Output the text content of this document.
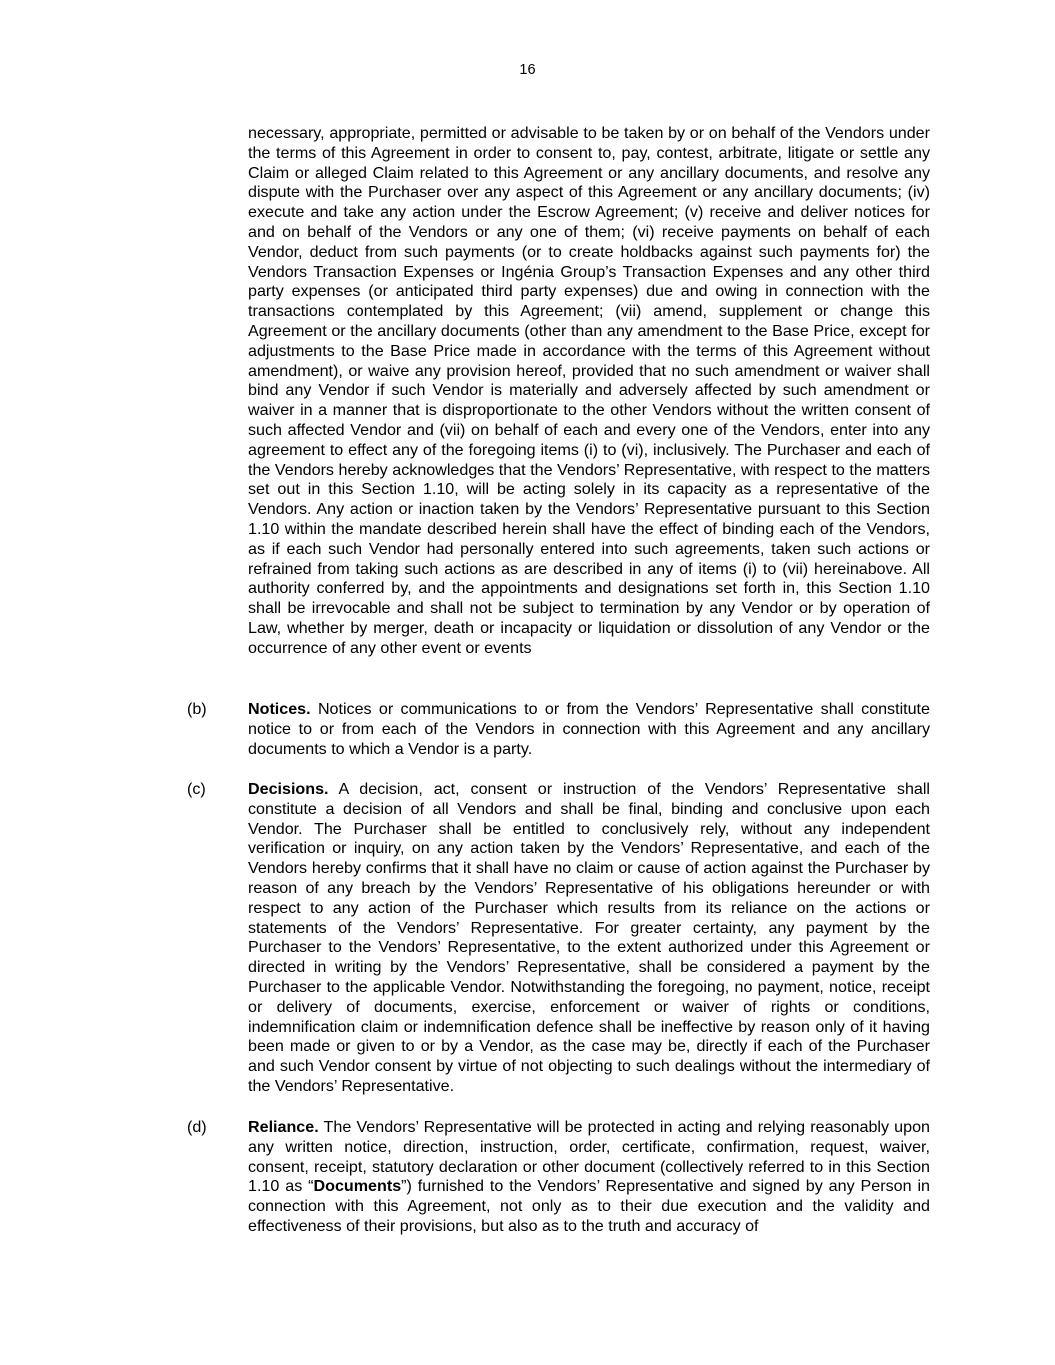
16

necessary, appropriate, permitted or advisable to be taken by or on behalf of the Vendors under the terms of this Agreement in order to consent to, pay, contest, arbitrate, litigate or settle any Claim or alleged Claim related to this Agreement or any ancillary documents, and resolve any dispute with the Purchaser over any aspect of this Agreement or any ancillary documents; (iv) execute and take any action under the Escrow Agreement; (v) receive and deliver notices for and on behalf of the Vendors or any one of them; (vi) receive payments on behalf of each Vendor, deduct from such payments (or to create holdbacks against such payments for) the Vendors Transaction Expenses or Ingénia Group’s Transaction Expenses and any other third party expenses (or anticipated third party expenses) due and owing in connection with the transactions contemplated by this Agreement; (vii) amend, supplement or change this Agreement or the ancillary documents (other than any amendment to the Base Price, except for adjustments to the Base Price made in accordance with the terms of this Agreement without amendment), or waive any provision hereof, provided that no such amendment or waiver shall bind any Vendor if such Vendor is materially and adversely affected by such amendment or waiver in a manner that is disproportionate to the other Vendors without the written consent of such affected Vendor and (vii) on behalf of each and every one of the Vendors, enter into any agreement to effect any of the foregoing items (i) to (vi), inclusively. The Purchaser and each of the Vendors hereby acknowledges that the Vendors’ Representative, with respect to the matters set out in this Section 1.10, will be acting solely in its capacity as a representative of the Vendors. Any action or inaction taken by the Vendors’ Representative pursuant to this Section 1.10 within the mandate described herein shall have the effect of binding each of the Vendors, as if each such Vendor had personally entered into such agreements, taken such actions or refrained from taking such actions as are described in any of items (i) to (vii) hereinabove. All authority conferred by, and the appointments and designations set forth in, this Section 1.10 shall be irrevocable and shall not be subject to termination by any Vendor or by operation of Law, whether by merger, death or incapacity or liquidation or dissolution of any Vendor or the occurrence of any other event or events

(b)	Notices. Notices or communications to or from the Vendors’ Representative shall constitute notice to or from each of the Vendors in connection with this Agreement and any ancillary documents to which a Vendor is a party.

(c)	Decisions. A decision, act, consent or instruction of the Vendors’ Representative shall constitute a decision of all Vendors and shall be final, binding and conclusive upon each Vendor. The Purchaser shall be entitled to conclusively rely, without any independent verification or inquiry, on any action taken by the Vendors’ Representative, and each of the Vendors hereby confirms that it shall have no claim or cause of action against the Purchaser by reason of any breach by the Vendors’ Representative of his obligations hereunder or with respect to any action of the Purchaser which results from its reliance on the actions or statements of the Vendors’ Representative. For greater certainty, any payment by the Purchaser to the Vendors’ Representative, to the extent authorized under this Agreement or directed in writing by the Vendors’ Representative, shall be considered a payment by the Purchaser to the applicable Vendor. Notwithstanding the foregoing, no payment, notice, receipt or delivery of documents, exercise, enforcement or waiver of rights or conditions, indemnification claim or indemnification defence shall be ineffective by reason only of it having been made or given to or by a Vendor, as the case may be, directly if each of the Purchaser and such Vendor consent by virtue of not objecting to such dealings without the intermediary of the Vendors’ Representative.

(d)	Reliance. The Vendors’ Representative will be protected in acting and relying reasonably upon any written notice, direction, instruction, order, certificate, confirmation, request, waiver, consent, receipt, statutory declaration or other document (collectively referred to in this Section 1.10 as “Documents”) furnished to the Vendors’ Representative and signed by any Person in connection with this Agreement, not only as to their due execution and the validity and effectiveness of their provisions, but also as to the truth and accuracy of
